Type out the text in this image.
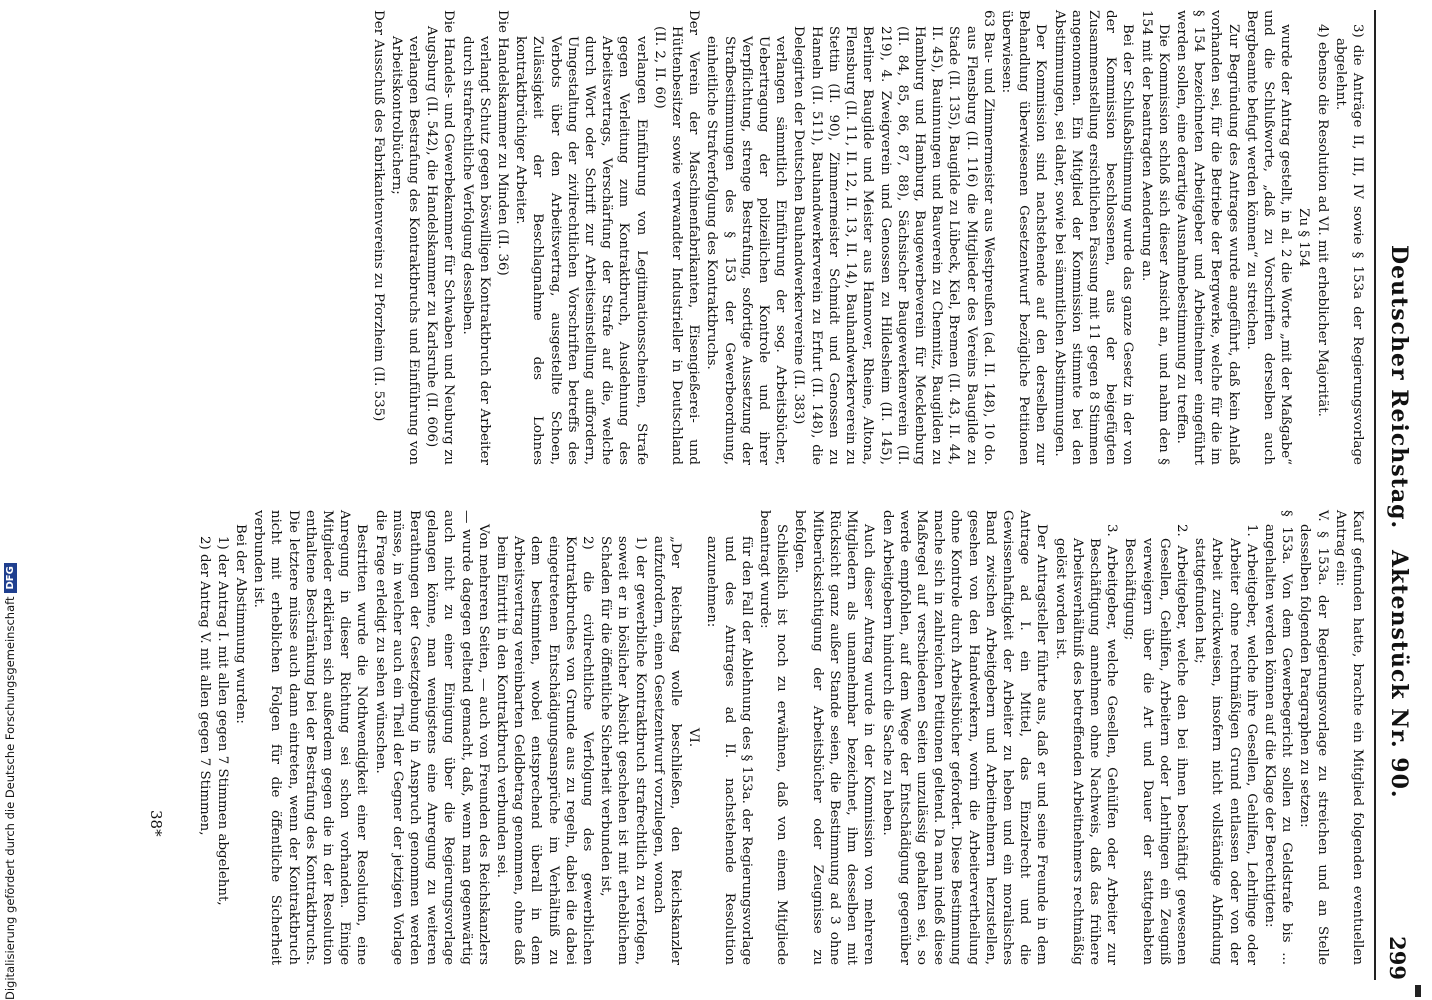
Deutscher Reichstag.
Aktenstück Nr. 90.
299

3) die Anträge II, III, IV sowie § 153a der Regierungsvorlage abgelehnt.

4) ebenso die Resolution ad VI. mit erheblicher Majorität.

Zu § 154

wurde der Antrag gestellt, in al. 2 die Worte „mit der Maßgabe“ und die Schlußworte, „daß zu Vorschriften derselben auch Bergbeamte befugt werden können“ zu streichen.

Zur Begründung des Antrages wurde angeführt, daß kein Anlaß vorhanden sei, für die Betriebe der Bergwerke, welche für die im § 154 bezeichneten Arbeitgeber und Arbeitnehmer eingeführt werden sollen, eine derartige Ausnahmebestimmung zu treffen.

Die Kommission schloß sich dieser Ansicht an, und nahm den § 154 mit der beantragten Aenderung an.

Bei der Schlußabstimmung wurde das ganze Gesetz in der von der Kommission beschlossenen, aus der beigefügten Zusammenstellung ersichtlichen Fassung mit 11 gegen 8 Stimmen angenommen. Ein Mitglied der Kommission stimmte bei den Abstimmungen, sei daher, sowie bei sämmtlichen Abstimmungen.

Der Kommission sind nachstehende auf den derselben zur Behandlung überwiesenen Gesetzentwurf bezügliche Petitionen überwiesen:

63 Bau- und Zimmermeister aus Westpreußen (ad. II. 148), 10 do. aus Flensburg (II. 116) die Mitglieder des Vereins Baugilde zu Stade (II. 135), Baugilde zu Lübeck, Kiel, Bremen (II. 43, II. 44, II. 45), Bauinnungen und Bauverein zu Chemnitz, Baugilden zu Hamburg und Hamburg, Baugewerbeverein für Mecklenburg (II. 84, 85, 86, 87, 88), Sächsischer Baugewerkenverein (II. 219), 4. Zweigverein und Genossen zu Hildesheim (II. 145), Berliner Baugilde und Meister aus Hannover, Rheine, Altona, Flensburg (II. 11, II. 12, II. 13, II. 14), Bauhandwerkerverein zu Stettin (II. 90), Zimmermeister Schmidt und Genossen zu Hameln (II. 511), Bauhandwerkerverein zu Erfurt (II. 148), die Delegirten der Deutschen Bauhandwerkervereine (II. 383)

verlangen sämmtlich Einführung der sog. Arbeitsbücher, Uebertragung der polizeilichen Kontrole und ihrer Verpflichtung, strenge Bestrafung, sofortige Aussetzung der Strafbestimmungen des § 153 der Gewerbeordnung, einheitliche Strafverfolgung des Kontraktbruchs.

Der Verein der Maschinenfabrikanten, Eisengießerei- und Hüttenbesitzer sowie verwandter Industrieller in Deutschland (II. 2, II. 60)

verlangen Einführung von Legitimationsscheinen, Strafe gegen Verleitung zum Kontraktbruch, Ausdehnung des Arbeitsvertrags, Verschärfung der Strafe auf die, welche durch Wort oder Schrift zur Arbeitseinstellung auffordern, Umgestaltung der zivilrechtlichen Vorschriften betreffs des Verbots über den Arbeitsvertrag, ausgestellte Schoen, Zulässigkeit der Beschlagnahme des Lohnes kontraktbrüchiger Arbeiter.

Die Handelskammer zu Minden (II. 36)

verlangt Schutz gegen böswilligen Kontraktbruch der Arbeiter durch strafrechtliche Verfolgung desselben.

Die Handels- und Gewerbekammer für Schwaben und Neuburg zu Augsburg (II. 542), die Handelskammer zu Karlsruhe (II. 606)

verlangen Bestrafung des Kontraktbruchs und Einführung von Arbeitskontrolbüchern;

Der Ausschuß des Fabrikantenvereins zu Pforzheim (II. 535)

Kauf gefunden hatte, brachte ein Mitglied folgenden eventuellen Antrag ein:

V. § 153a. der Regierungsvorlage zu streichen und an Stelle desselben folgenden Paragraphen zu setzen:

§ 153a. Von dem Gewerbegericht sollen zu Geldstrafe bis ... angehalten werden können auf die Klage der Berechtigten:

1. Arbeitgeber, welche ihre Gesellen, Gehilfen, Lehrlinge oder Arbeiter ohne rechtmäßigen Grund entlassen oder von der Arbeit zurückweisen, insofern nicht vollständige Abfindung stattgefunden hat;

2. Arbeitgeber, welche den bei ihnen beschäftigt gewesenen Gesellen, Gehilfen, Arbeitern oder Lehrlingen ein Zeugniß verweigern über die Art und Dauer der stattgehabten Beschäftigung;

3. Arbeitgeber, welche Gesellen, Gehülfen oder Arbeiter zur Beschäftigung annehmen ohne Nachweis, daß das frühere Arbeitsverhältniß des betreffenden Arbeitnehmers rechtmäßig gelöst worden ist.

Der Antragsteller führte aus, daß er und seine Freunde in dem Antrage ad I. ein Mittel, das Einzelrecht und die Gewissenhaftigkeit der Arbeiter zu heben und ein moralisches Band zwischen Arbeitgebern und Arbeitnehmern herzustellen, gesehen von den Handwerkern, worin die Arbeitervertheilung ohne Kontrole durch Arbeitsbücher gefordert. Diese Bestimmung mache sich in zahlreichen Petitionen geltend. Da man indeß diese Maßregel auf verschiedenen Seiten unzulässig gehalten sei, so werde empfohlen, auf dem Wege der Entschädigung gegenüber den Arbeitgebern hindurch die Sache zu heben.

Auch dieser Antrag wurde in der Kommission von mehreren Mitgliedern als unannehmbar bezeichnet, ihm desselben mit Rücksicht ganz außer Stande seien, die Bestimmung ad 3 ohne Mitberücksichtigung der Arbeitsbücher oder Zeugnisse zu befolgen.

Schließlich ist noch zu erwähnen, daß von einem Mitgliede beantragt wurde:

für den Fall der Ablehnung des § 153a. der Regierungsvorlage und des Antrages ad II. nachstehende Resolution anzunehmen:

VI.

„Der Reichstag wolle beschließen, den Reichskanzler aufzufordern, einen Gesetzentwurf vorzulegen, wonach

1) der gewerbliche Kontraktbruch strafrechtlich zu verfolgen, soweit er in böslicher Absicht geschehen ist mit erheblichem Schaden für die öffentliche Sicherheit verbunden ist,

2) die civilrechtliche Verfolgung des gewerblichen Kontraktbruches von Grunde aus zu regeln, dabei die dabei eingetretenen Entschädigungsansprüche im Verhältniß zu dem bestimmten, wobei entsprechend überall in dem Arbeitsvertrag vereinbarten Geldbetrag genommen, ohne daß beim Eintritt in den Kontraktbruch verbunden sei.

Von mehreren Seiten, — auch von Freunden des Reichskanzlers — wurde dagegen geltend gemacht, daß, wenn man gegenwärtig auch nicht zu einer Einigung über die Regierungsvorlage gelangen könne, man wenigstens eine Anregung zu weiteren Berathungen der Gesetzgebung in Anspruch genommen werden müsse, in welcher auch ein Theil der Gegner der jetzigen Vorlage die Frage erledigt zu sehen wünschen.

Bestritten wurde die Nothwendigkeit einer Resolution, eine Anregung in dieser Richtung sei schon vorhanden. Einige Mitglieder erklärten sich außerdem gegen die in der Resolution enthaltene Beschränkung bei der Bestrafung des Kontraktbruchs. Die letztere müsse auch dann eintreten, wenn der Kontraktbruch nicht mit erheblichen Folgen für die öffentliche Sicherheit verbunden ist.

Bei der Abstimmung wurden:

1) der Antrag I. mit allen gegen 7 Stimmen abgelehnt,

2) der Antrag V. mit allen gegen 7 Stimmen,

38*
Digitalisierung gefördert durch die Deutsche ForschungsgemeinschaftDFG
